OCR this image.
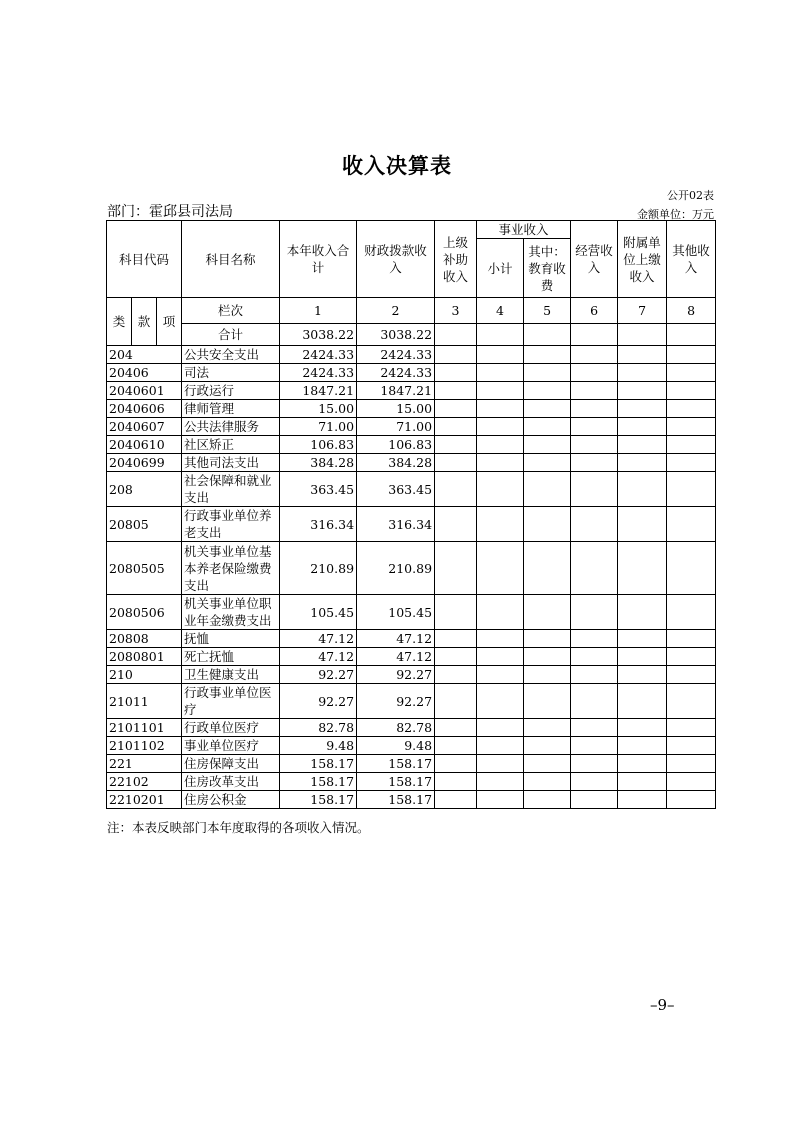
收入决算表
公开02表
部门：霍邱县司法局	金额单位：万元
科目代码			科目名称	本年收入合计	财政拨款收入	上级补助收入	事业收入		经营收入	附属单位上缴收入	其他收入
							小计	其中：教育收费			
类	款	项	栏次	1	2	3	4	5	6	7	8
			合计	3038.22	3038.22						
204			公共安全支出	2424.33	2424.33						
20406			司法	2424.33	2424.33						
2040601			行政运行	1847.21	1847.21						
2040606			律师管理	15.00	15.00						
2040607			公共法律服务	71.00	71.00						
2040610			社区矫正	106.83	106.83						
2040699			其他司法支出	384.28	384.28						
208			社会保障和就业支出	363.45	363.45						
20805			行政事业单位养老支出	316.34	316.34						
2080505			机关事业单位基本养老保险缴费支出	210.89	210.89						
2080506			机关事业单位职业年金缴费支出	105.45	105.45						
20808			抚恤	47.12	47.12						
2080801			死亡抚恤	47.12	47.12						
210			卫生健康支出	92.27	92.27						
21011			行政事业单位医疗	92.27	92.27						
2101101			行政单位医疗	82.78	82.78						
2101102			事业单位医疗	9.48	9.48						
221			住房保障支出	158.17	158.17						
22102			住房改革支出	158.17	158.17						
2210201			住房公积金	158.17	158.17						
注：本表反映部门本年度取得的各项收入情况。
–9–
